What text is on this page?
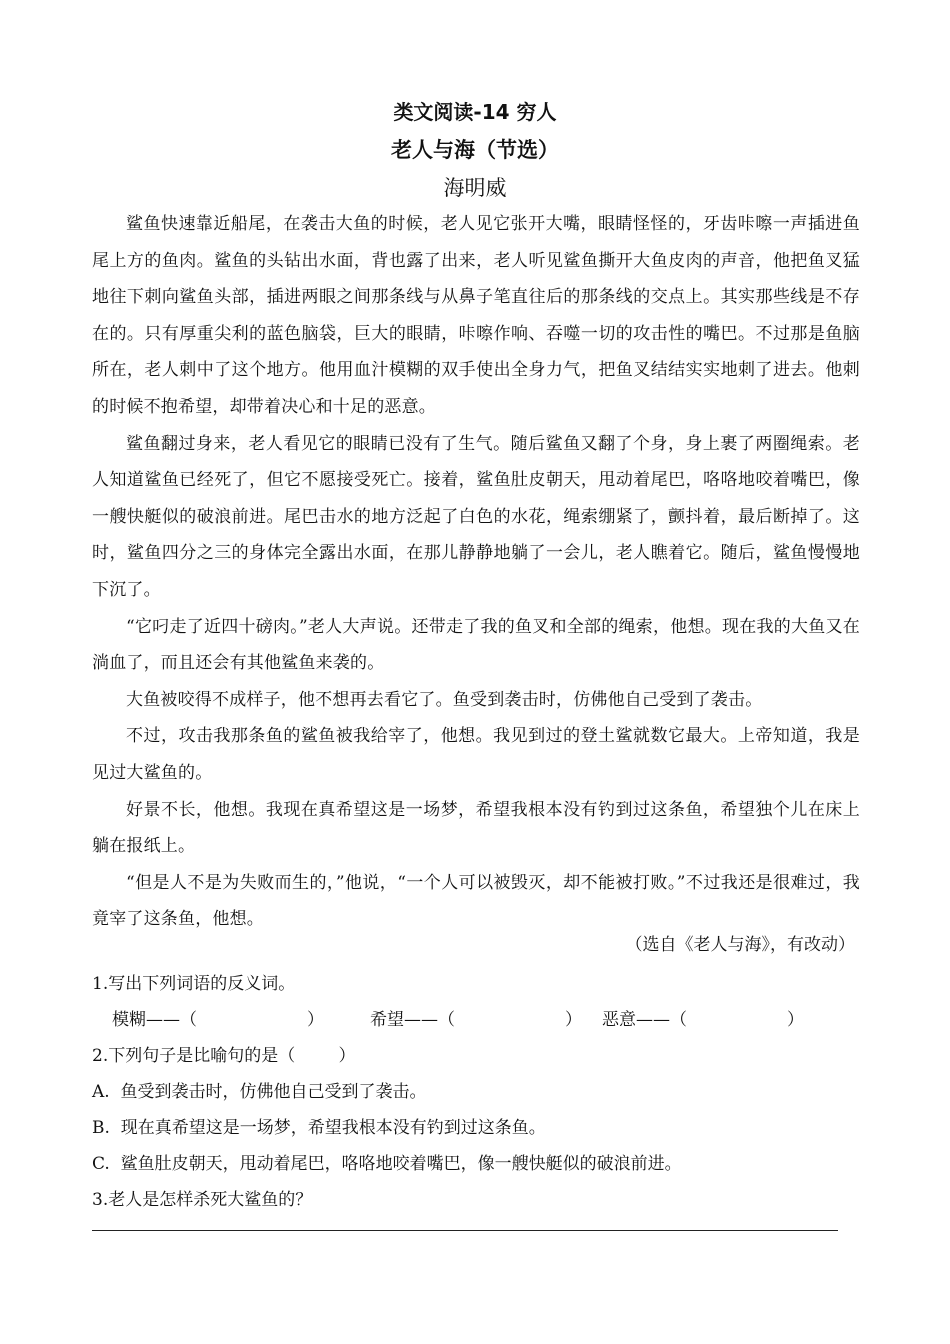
类文阅读-14 穷人
老人与海（节选）
海明威

鲨鱼快速靠近船尾，在袭击大鱼的时候，老人见它张开大嘴，眼睛怪怪的，牙齿咔嚓一声插进鱼尾上方的鱼肉。鲨鱼的头钻出水面，背也露了出来，老人听见鲨鱼撕开大鱼皮肉的声音，他把鱼叉猛地往下刺向鲨鱼头部，插进两眼之间那条线与从鼻子笔直往后的那条线的交点上。其实那些线是不存在的。只有厚重尖利的蓝色脑袋，巨大的眼睛，咔嚓作响、吞噬一切的攻击性的嘴巴。不过那是鱼脑所在，老人刺中了这个地方。他用血汁模糊的双手使出全身力气，把鱼叉结结实实地刺了进去。他刺的时候不抱希望，却带着决心和十足的恶意。

鲨鱼翻过身来，老人看见它的眼睛已没有了生气。随后鲨鱼又翻了个身，身上裹了两圈绳索。老人知道鲨鱼已经死了，但它不愿接受死亡。接着，鲨鱼肚皮朝天，甩动着尾巴，咯咯地咬着嘴巴，像一艘快艇似的破浪前进。尾巴击水的地方泛起了白色的水花，绳索绷紧了，颤抖着，最后断掉了。这时，鲨鱼四分之三的身体完全露出水面，在那儿静静地躺了一会儿，老人瞧着它。随后，鲨鱼慢慢地下沉了。

“它叼走了近四十磅肉。”老人大声说。还带走了我的鱼叉和全部的绳索，他想。现在我的大鱼又在淌血了，而且还会有其他鲨鱼来袭的。

大鱼被咬得不成样子，他不想再去看它了。鱼受到袭击时，仿佛他自己受到了袭击。

不过，攻击我那条鱼的鲨鱼被我给宰了，他想。我见到过的登土鲨就数它最大。上帝知道，我是见过大鲨鱼的。

好景不长，他想。我现在真希望这是一场梦，希望我根本没有钓到过这条鱼，希望独个儿在床上躺在报纸上。

“但是人不是为失败而生的，”他说，“一个人可以被毁灭，却不能被打败。”不过我还是很难过，我竟宰了这条鱼，他想。

（选自《老人与海》，有改动）
1.写出下列词语的反义词。
模糊——（	）	希望——（	）	恶意——（	）
2.下列句子是比喻句的是（        ）
A.  鱼受到袭击时，仿佛他自己受到了袭击。
B.  现在真希望这是一场梦，希望我根本没有钓到过这条鱼。
C.  鲨鱼肚皮朝天，甩动着尾巴，咯咯地咬着嘴巴，像一艘快艇似的破浪前进。
3.老人是怎样杀死大鲨鱼的？
